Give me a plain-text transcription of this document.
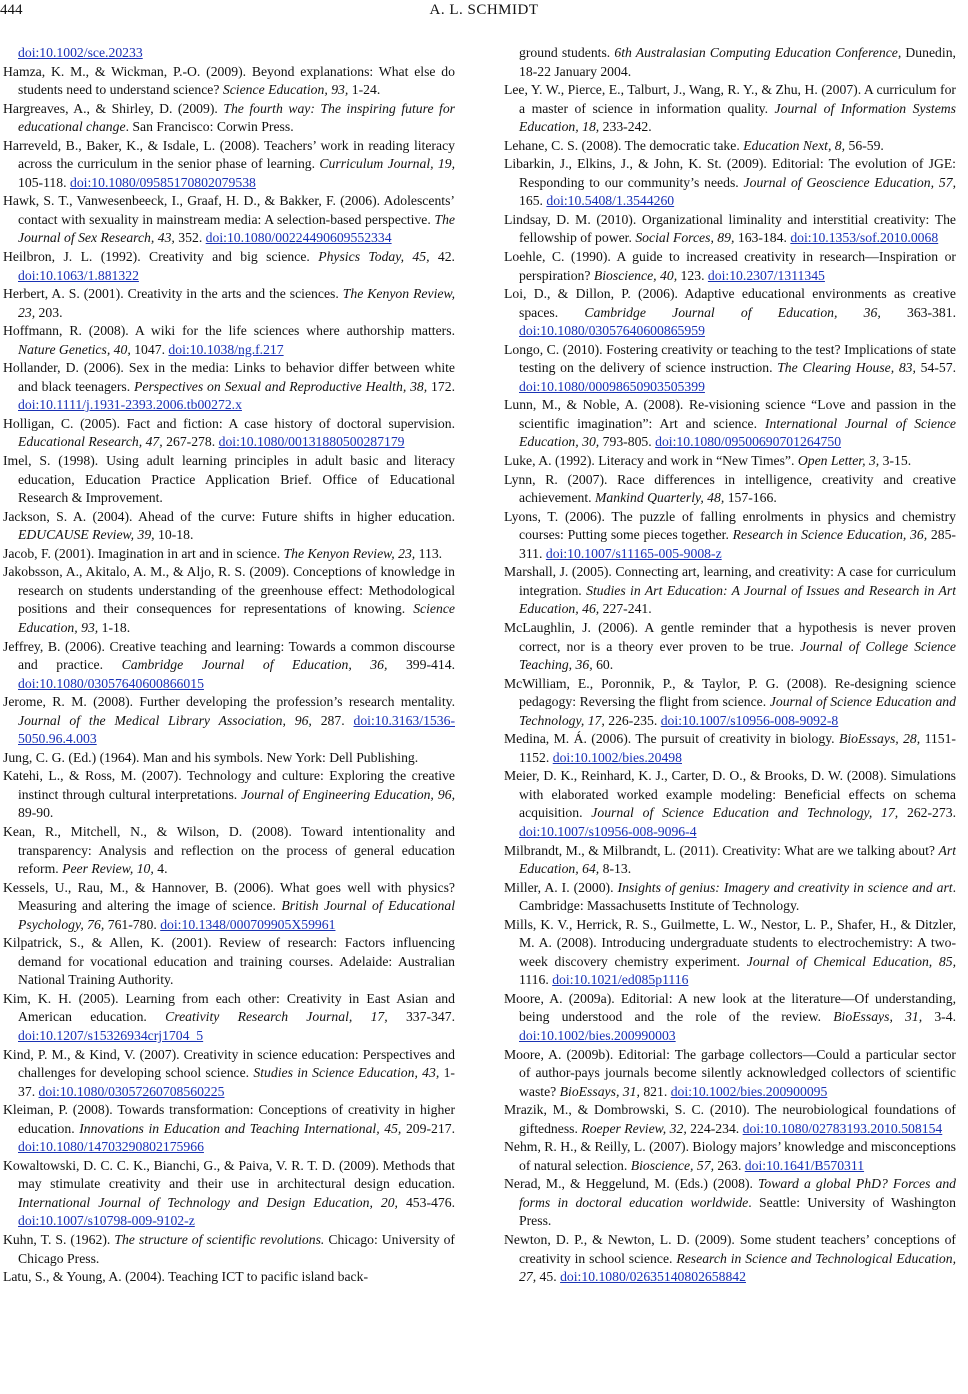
444	A. L. SCHMIDT

doi:10.1002/sce.20233

Hamza, K. M., & Wickman, P.-O. (2009). Beyond explanations: What else do students need to understand science? Science Education, 93, 1-24.

Hargreaves, A., & Shirley, D. (2009). The fourth way: The inspiring future for educational change. San Francisco: Corwin Press.

Harreveld, B., Baker, K., & Isdale, L. (2008). Teachers’ work in reading literacy across the curriculum in the senior phase of learning. Curriculum Journal, 19, 105-118. doi:10.1080/09585170802079538

Hawk, S. T., Vanwesenbeeck, I., Graaf, H. D., & Bakker, F. (2006). Adolescents’ contact with sexuality in mainstream media: A selection-based perspective. The Journal of Sex Research, 43, 352. doi:10.1080/00224490609552334

Heilbron, J. L. (1992). Creativity and big science. Physics Today, 45, 42. doi:10.1063/1.881322

Herbert, A. S. (2001). Creativity in the arts and the sciences. The Kenyon Review, 23, 203.

Hoffmann, R. (2008). A wiki for the life sciences where authorship matters. Nature Genetics, 40, 1047. doi:10.1038/ng.f.217

Hollander, D. (2006). Sex in the media: Links to behavior differ between white and black teenagers. Perspectives on Sexual and Reproductive Health, 38, 172. doi:10.1111/j.1931-2393.2006.tb00272.x

Holligan, C. (2005). Fact and fiction: A case history of doctoral supervision. Educational Research, 47, 267-278. doi:10.1080/00131880500287179

Imel, S. (1998). Using adult learning principles in adult basic and literacy education, Education Practice Application Brief. Office of Educational Research & Improvement.

Jackson, S. A. (2004). Ahead of the curve: Future shifts in higher education. EDUCAUSE Review, 39, 10-18.

Jacob, F. (2001). Imagination in art and in science. The Kenyon Review, 23, 113.

Jakobsson, A., Akitalo, A. M., & Aljo, R. S. (2009). Conceptions of knowledge in research on students understanding of the greenhouse effect: Methodological positions and their consequences for representations of knowing. Science Education, 93, 1-18.

Jeffrey, B. (2006). Creative teaching and learning: Towards a common discourse and practice. Cambridge Journal of Education, 36, 399-414. doi:10.1080/03057640600866015

Jerome, R. M. (2008). Further developing the profession’s research mentality. Journal of the Medical Library Association, 96, 287. doi:10.3163/1536-5050.96.4.003

Jung, C. G. (Ed.) (1964). Man and his symbols. New York: Dell Publishing.

Katehi, L., & Ross, M. (2007). Technology and culture: Exploring the creative instinct through cultural interpretations. Journal of Engineering Education, 96, 89-90.

Kean, R., Mitchell, N., & Wilson, D. (2008). Toward intentionality and transparency: Analysis and reflection on the process of general education reform. Peer Review, 10, 4.

Kessels, U., Rau, M., & Hannover, B. (2006). What goes well with physics? Measuring and altering the image of science. British Journal of Educational Psychology, 76, 761-780. doi:10.1348/000709905X59961

Kilpatrick, S., & Allen, K. (2001). Review of research: Factors influencing demand for vocational education and training courses. Adelaide: Australian National Training Authority.

Kim, K. H. (2005). Learning from each other: Creativity in East Asian and American education. Creativity Research Journal, 17, 337-347. doi:10.1207/s15326934crj1704_5

Kind, P. M., & Kind, V. (2007). Creativity in science education: Perspectives and challenges for developing school science. Studies in Science Education, 43, 1-37. doi:10.1080/03057260708560225

Kleiman, P. (2008). Towards transformation: Conceptions of creativity in higher education. Innovations in Education and Teaching International, 45, 209-217. doi:10.1080/14703290802175966

Kowaltowski, D. C. C. K., Bianchi, G., & Paiva, V. R. T. D. (2009). Methods that may stimulate creativity and their use in architectural design education. International Journal of Technology and Design Education, 20, 453-476. doi:10.1007/s10798-009-9102-z

Kuhn, T. S. (1962). The structure of scientific revolutions. Chicago: University of Chicago Press.

Latu, S., & Young, A. (2004). Teaching ICT to pacific island back-

ground students. 6th Australasian Computing Education Conference, Dunedin, 18-22 January 2004.

Lee, Y. W., Pierce, E., Talburt, J., Wang, R. Y., & Zhu, H. (2007). A curriculum for a master of science in information quality. Journal of Information Systems Education, 18, 233-242.

Lehane, C. S. (2008). The democratic take. Education Next, 8, 56-59.

Libarkin, J., Elkins, J., & John, K. St. (2009). Editorial: The evolution of JGE: Responding to our community’s needs. Journal of Geoscience Education, 57, 165. doi:10.5408/1.3544260

Lindsay, D. M. (2010). Organizational liminality and interstitial creativity: The fellowship of power. Social Forces, 89, 163-184. doi:10.1353/sof.2010.0068

Loehle, C. (1990). A guide to increased creativity in research—Inspiration or perspiration? Bioscience, 40, 123. doi:10.2307/1311345

Loi, D., & Dillon, P. (2006). Adaptive educational environments as creative spaces. Cambridge Journal of Education, 36, 363-381. doi:10.1080/03057640600865959

Longo, C. (2010). Fostering creativity or teaching to the test? Implications of state testing on the delivery of science instruction. The Clearing House, 83, 54-57. doi:10.1080/00098650903505399

Lunn, M., & Noble, A. (2008). Re-visioning science “Love and passion in the scientific imagination”: Art and science. International Journal of Science Education, 30, 793-805. doi:10.1080/09500690701264750

Luke, A. (1992). Literacy and work in “New Times”. Open Letter, 3, 3-15.

Lynn, R. (2007). Race differences in intelligence, creativity and creative achievement. Mankind Quarterly, 48, 157-166.

Lyons, T. (2006). The puzzle of falling enrolments in physics and chemistry courses: Putting some pieces together. Research in Science Education, 36, 285-311. doi:10.1007/s11165-005-9008-z

Marshall, J. (2005). Connecting art, learning, and creativity: A case for curriculum integration. Studies in Art Education: A Journal of Issues and Research in Art Education, 46, 227-241.

McLaughlin, J. (2006). A gentle reminder that a hypothesis is never proven correct, nor is a theory ever proven to be true. Journal of College Science Teaching, 36, 60.

McWilliam, E., Poronnik, P., & Taylor, P. G. (2008). Re-designing science pedagogy: Reversing the flight from science. Journal of Science Education and Technology, 17, 226-235. doi:10.1007/s10956-008-9092-8

Medina, M. Á. (2006). The pursuit of creativity in biology. BioEssays, 28, 1151-1152. doi:10.1002/bies.20498

Meier, D. K., Reinhard, K. J., Carter, D. O., & Brooks, D. W. (2008). Simulations with elaborated worked example modeling: Beneficial effects on schema acquisition. Journal of Science Education and Technology, 17, 262-273. doi:10.1007/s10956-008-9096-4

Milbrandt, M., & Milbrandt, L. (2011). Creativity: What are we talking about? Art Education, 64, 8-13.

Miller, A. I. (2000). Insights of genius: Imagery and creativity in science and art. Cambridge: Massachusetts Institute of Technology.

Mills, K. V., Herrick, R. S., Guilmette, L. W., Nestor, L. P., Shafer, H., & Ditzler, M. A. (2008). Introducing undergraduate students to electrochemistry: A two-week discovery chemistry experiment. Journal of Chemical Education, 85, 1116. doi:10.1021/ed085p1116

Moore, A. (2009a). Editorial: A new look at the literature—Of understanding, being understood and the role of the review. BioEssays, 31, 3-4. doi:10.1002/bies.200990003

Moore, A. (2009b). Editorial: The garbage collectors—Could a particular sector of author-pays journals become silently acknowledged collectors of scientific waste? BioEssays, 31, 821. doi:10.1002/bies.200900095

Mrazik, M., & Dombrowski, S. C. (2010). The neurobiological foundations of giftedness. Roeper Review, 32, 224-234. doi:10.1080/02783193.2010.508154

Nehm, R. H., & Reilly, L. (2007). Biology majors’ knowledge and misconceptions of natural selection. Bioscience, 57, 263. doi:10.1641/B570311

Nerad, M., & Heggelund, M. (Eds.) (2008). Toward a global PhD? Forces and forms in doctoral education worldwide. Seattle: University of Washington Press.

Newton, D. P., & Newton, L. D. (2009). Some student teachers’ conceptions of creativity in school science. Research in Science and Technological Education, 27, 45. doi:10.1080/02635140802658842
